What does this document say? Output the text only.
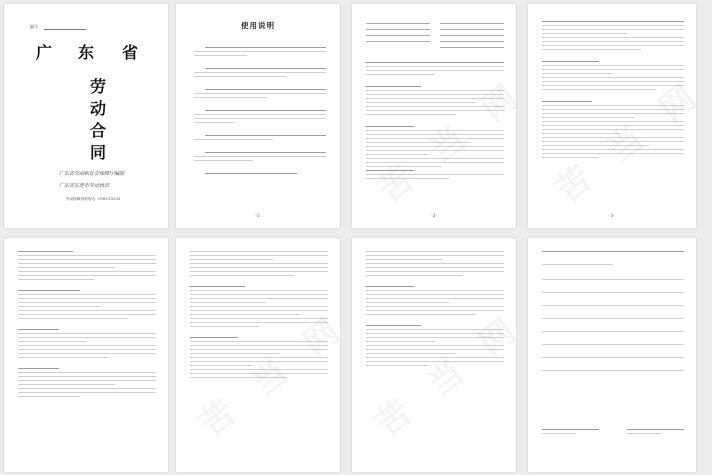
编号：
广 东 省
劳
动
合
同
广东省劳动和社会保障厅编制
广东省东莞市劳动局印
劳动保障咨询电话：0769-12333
使用说明
-1-	-2-
苦 网
-3-
苦 当 网
苦 当 网 苦 当 网
